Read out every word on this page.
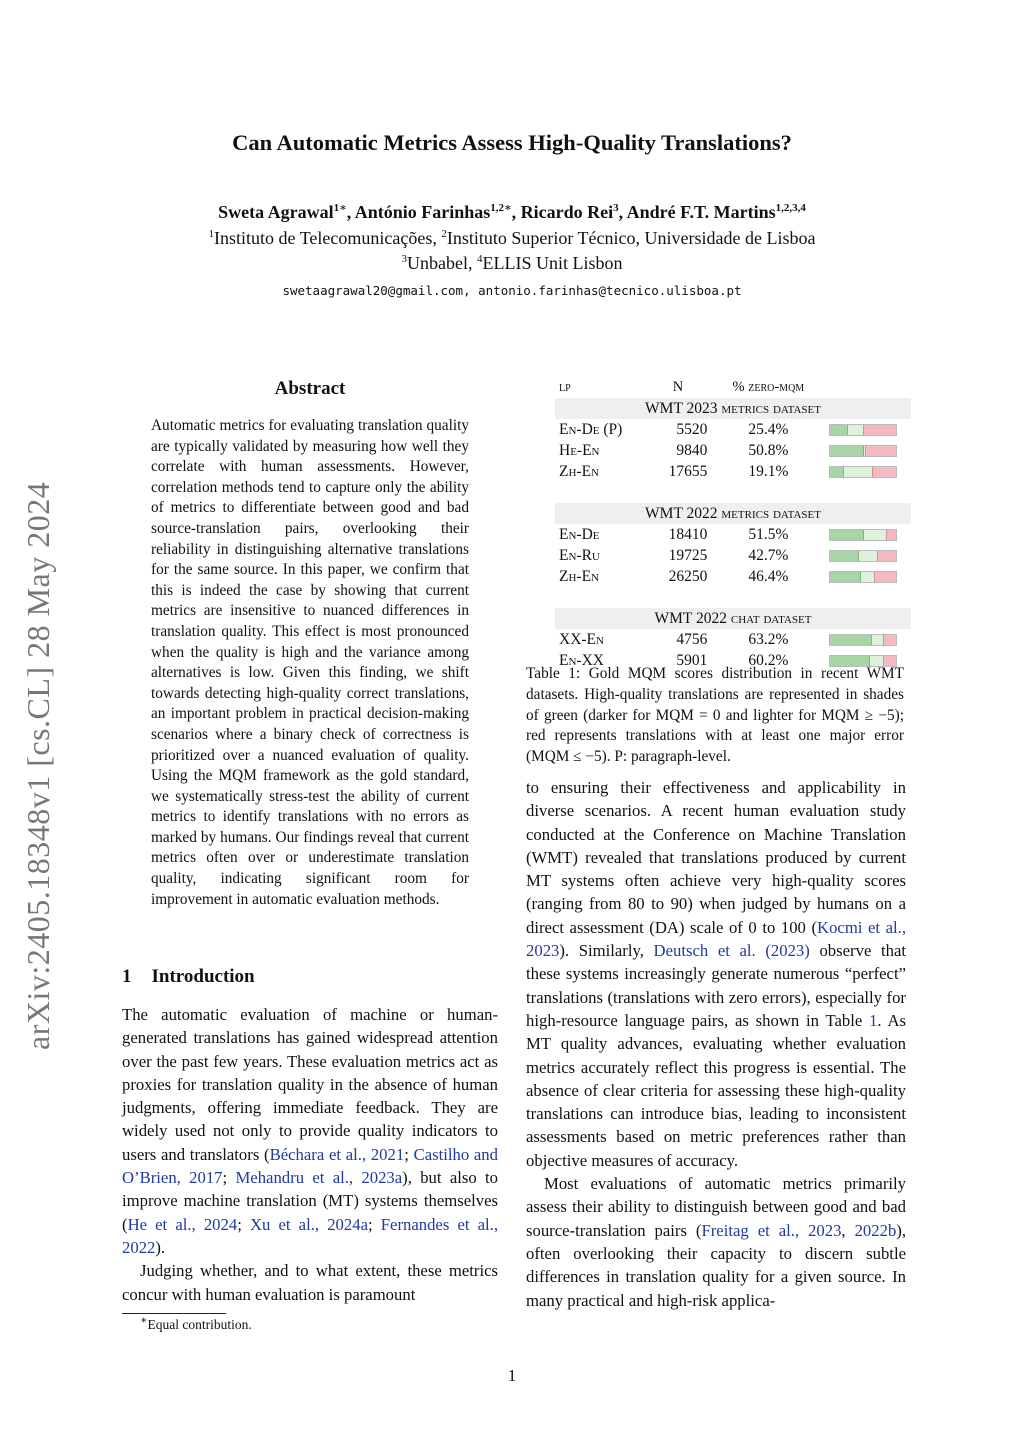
arXiv:2405.18348v1 [cs.CL] 28 May 2024
Can Automatic Metrics Assess High-Quality Translations?
Sweta Agrawal$^{1∗}$, António Farinhas$^{1,2∗}$, Ricardo Rei$^3$, André F.T. Martins$^{1,2,3,4}$
$^1$Instituto de Telecomunicações, $^2$Instituto Superior Técnico, Universidade de Lisboa
$^3$Unbabel, $^4$ELLIS Unit Lisbon
swetaagrawal20@gmail.com, antonio.farinhas@tecnico.ulisboa.pt
Abstract
Automatic metrics for evaluating translation quality are typically validated by measuring how well they correlate with human assessments. However, correlation methods tend to capture only the ability of metrics to differentiate between good and bad source-translation pairs, overlooking their reliability in distinguishing alternative translations for the same source. In this paper, we confirm that this is indeed the case by showing that current metrics are insensitive to nuanced differences in translation quality. This effect is most pronounced when the quality is high and the variance among alternatives is low. Given this finding, we shift towards detecting high-quality correct translations, an important problem in practical decision-making scenarios where a binary check of correctness is prioritized over a nuanced evaluation of quality. Using the MQM framework as the gold standard, we systematically stress-test the ability of current metrics to identify translations with no errors as marked by humans. Our findings reveal that current metrics often over or underestimate translation quality, indicating significant room for improvement in automatic evaluation methods.
1 Introduction

The automatic evaluation of machine or human-generated translations has gained widespread attention over the past few years. These evaluation metrics act as proxies for translation quality in the absence of human judgments, offering immediate feedback. They are widely used not only to provide quality indicators to users and translators (Béchara et al., 2021; Castilho and O’Brien, 2017; Mehandru et al., 2023a), but also to improve machine translation (MT) systems themselves (He et al., 2024; Xu et al., 2024a; Fernandes et al., 2022).

Judging whether, and to what extent, these metrics concur with human evaluation is paramount

∗Equal contribution.
lp	N	% zero-mqm	
WMT 2023 metrics dataset			
En-De (P)	5520	25.4%	

He-En	9840	50.8%	

Zh-En	17655	19.1%	

WMT 2022 metrics dataset			
En-De	18410	51.5%	

En-Ru	19725	42.7%	

Zh-En	26250	46.4%	

WMT 2022 chat dataset			
XX-En	4756	63.2%	

En-XX	5901	60.2%	
Table 1: Gold MQM scores distribution in recent WMT datasets. High-quality translations are represented in shades of green (darker for MQM = 0 and lighter for MQM ≥ −5); red represents translations with at least one major error (MQM ≤ −5). P: paragraph-level.

to ensuring their effectiveness and applicability in diverse scenarios. A recent human evaluation study conducted at the Conference on Machine Translation (WMT) revealed that translations produced by current MT systems often achieve very high-quality scores (ranging from 80 to 90) when judged by humans on a direct assessment (DA) scale of 0 to 100 (Kocmi et al., 2023). Similarly, Deutsch et al. (2023) observe that these systems increasingly generate numerous “perfect” translations (translations with zero errors), especially for high-resource language pairs, as shown in Table 1. As MT quality advances, evaluating whether evaluation metrics accurately reflect this progress is essential. The absence of clear criteria for assessing these high-quality translations can introduce bias, leading to inconsistent assessments based on metric preferences rather than objective measures of accuracy.

Most evaluations of automatic metrics primarily assess their ability to distinguish between good and bad source-translation pairs (Freitag et al., 2023, 2022b), often overlooking their capacity to discern subtle differences in translation quality for a given source. In many practical and high-risk applica-

1
